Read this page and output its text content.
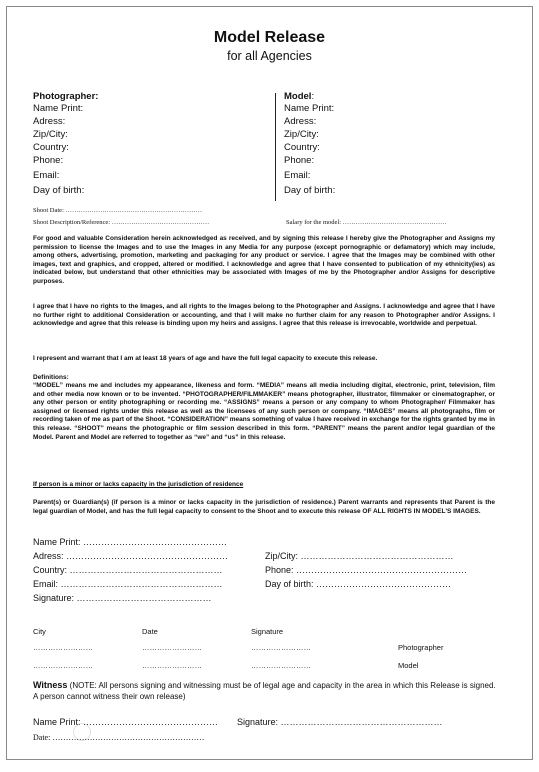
Model Release
for all Agencies
Photographer:
Name Print:
Adress:
Zip/City:
Country:
Phone:
Email:
Day of birth:
Model:
Name Print:
Adress:
Zip/City:
Country:
Phone:
Email:
Day of birth:
Shoot Date: ………………………………………………………
Shoot Description/Reference: ………………………………………	Salary for the model: …………………………………………
For good and valuable Consideration herein acknowledged as received, and by signing this release I hereby give the Photographer and Assigns my permission to license the Images and to use the Images in any Media for any purpose (except pornographic or defamatory) which may include, among others, advertising, promotion, marketing and packaging for any product or service. I agree that the Images may be combined with other images, text and graphics, and cropped, altered or modified. I acknowledge and agree that I have consented to publication of my ethnicity(ies) as indicated below, but understand that other ethnicities may be associated with Images of me by the Photographer and/or Assigns for descriptive purposes.
I agree that I have no rights to the Images, and all rights to the Images belong to the Photographer and Assigns. I acknowledge and agree that I have no further right to additional Consideration or accounting, and that I will make no further claim for any reason to Photographer and/or Assigns. I acknowledge and agree that this release is binding upon my heirs and assigns. I agree that this release is irrevocable, worldwide and perpetual.
I represent and warrant that I am at least 18 years of age and have the full legal capacity to execute this release.
Definitions:
“MODEL” means me and includes my appearance, likeness and form. “MEDIA” means all media including digital, electronic, print, television, film and other media now known or to be invented. “PHOTOGRAPHER/FILMMAKER” means photographer, illustrator, filmmaker or cinematographer, or any other person or entity photographing or recording me. “ASSIGNS” means a person or any company to whom Photographer/ Filmmaker has assigned or licensed rights under this release as well as the licensees of any such person or company. “IMAGES” means all photographs, film or recording taken of me as part of the Shoot. “CONSIDERATION” means something of value I have received in exchange for the rights granted by me in this release. “SHOOT” means the photographic or film session described in this form. “PARENT” means the parent and/or legal guardian of the Model. Parent and Model are referred to together as “we” and “us” in this release.
If person is a minor or lacks capacity in the jurisdiction of residence
Parent(s) or Guardian(s) (if person is a minor or lacks capacity in the jurisdiction of residence.) Parent warrants and represents that Parent is the legal guardian of Model, and has the full legal capacity to consent to the Shoot and to execute this release OF ALL RIGHTS IN MODEL'S IMAGES.
Name Print: …………………………………………
Adress: ………………………………………………
Country: ……………………………………………
Email: ………………………………………………
Signature: ………………………………………
Zip/City: ……………………………………………
Phone: …………………………………………………
Day of birth: ………………………………………
City	Date	Signature
……………………	……………………	……………………	Photographer
……………………	……………………	……………………	Model
Witness (NOTE: All persons signing and witnessing must be of legal age and capacity in the area in which this Release is signed. A person cannot witness their own release)
Name Print: ……………………………………… Signature: ………………………………………………
Date: …………………………………………………
